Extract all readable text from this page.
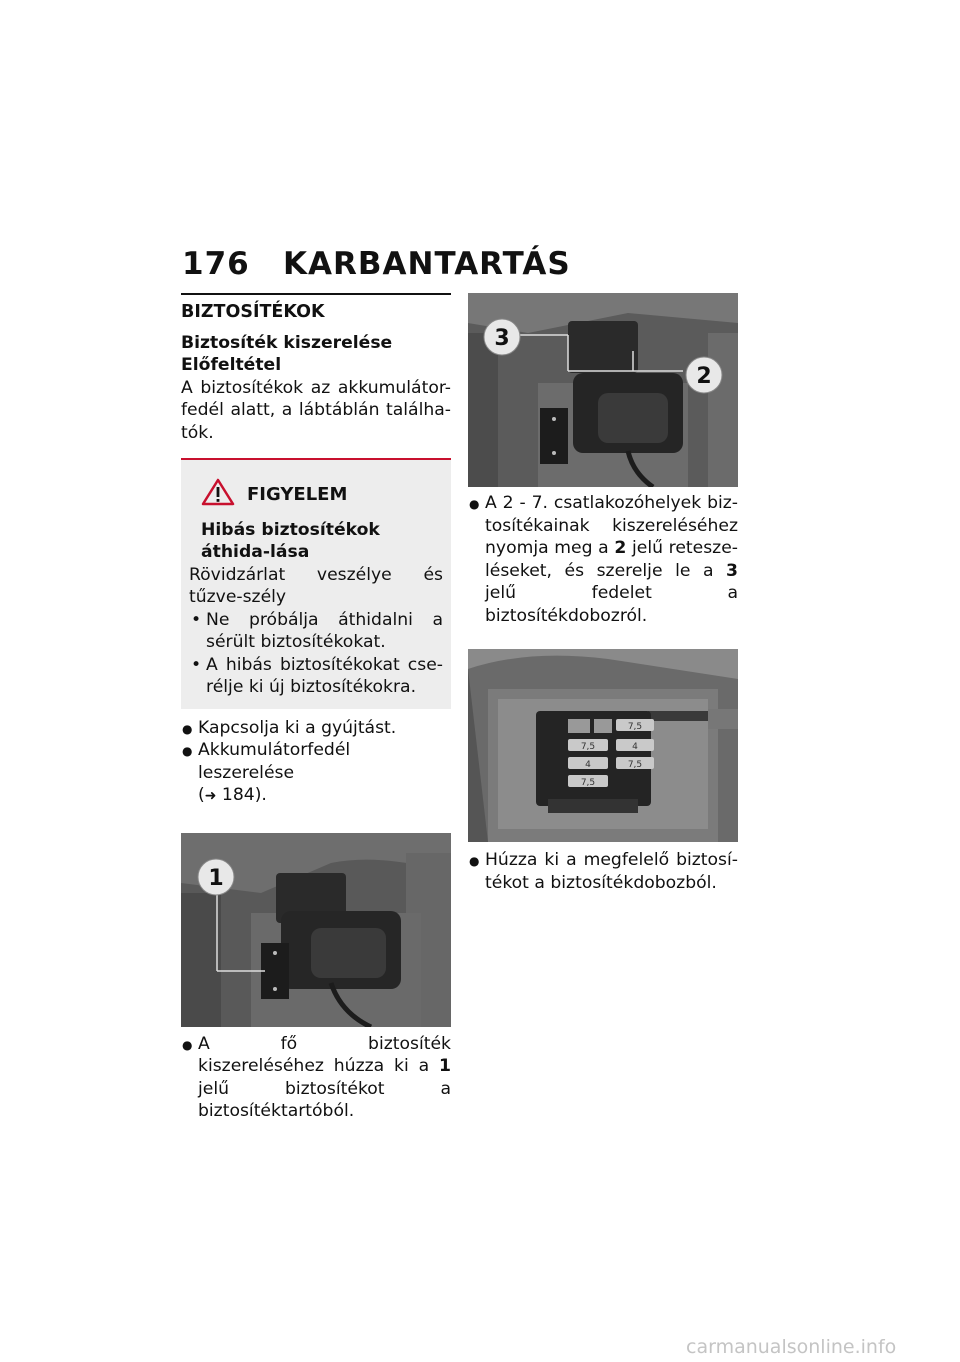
176 KARBANTARTÁS
BIZTOSÍTÉKOK
Biztosíték kiszerelése
Előfeltétel

A biztosítékok az akkumulátor-fedél alatt, a lábtáblán találha-tók.

FIGYELEM
Hibás biztosítékok áthida-lása

Rövidzárlat veszélye és tűzve-szély

• Ne próbálja áthidalni a sérült biztosítékokat.
• A hibás biztosítékokat cse-rélje ki új biztosítékokra.
● Kapcsolja ki a gyújtást.
● Akkumulátorfedél leszerelése
(➜ 184).
1
● A fő biztosíték kiszereléséhez húzza ki a 1 jelű biztosítékot a biztosítéktartóból.
3
2
● A 2 - 7. csatlakozóhelyek biz-tosítékainak kiszereléséhez nyomja meg a 2 jelű retesze-léseket, és szerelje le a 3 jelű fedelet a biztosítékdobozról.
7,5
7,5	4
4	7,5
7,5
● Húzza ki a megfelelő biztosí-tékot a biztosítékdobozból.
carmanualsonline.info
